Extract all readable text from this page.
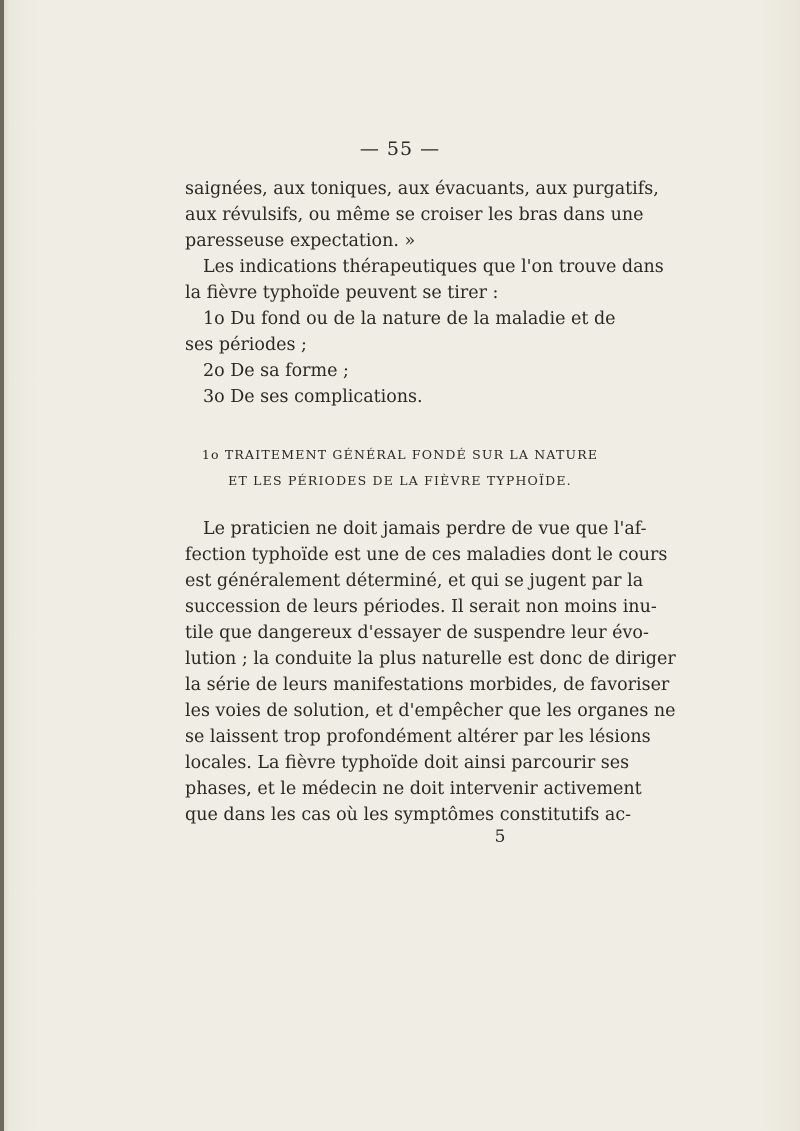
— 55 —
saignées, aux toniques, aux évacuants, aux purgatifs,
aux révulsifs, ou même se croiser les bras dans une
paresseuse expectation. »
Les indications thérapeutiques que l'on trouve dans
la fièvre typhoïde peuvent se tirer :
1o Du fond ou de la nature de la maladie et de
ses périodes ;
2o De sa forme ;
3o De ses complications.
1o TRAITEMENT GÉNÉRAL FONDÉ SUR LA NATURE
ET LES PÉRIODES DE LA FIÈVRE TYPHOÏDE.
Le praticien ne doit jamais perdre de vue que l'af-
fection typhoïde est une de ces maladies dont le cours
est généralement déterminé, et qui se jugent par la
succession de leurs périodes. Il serait non moins inu-
tile que dangereux d'essayer de suspendre leur évo-
lution ; la conduite la plus naturelle est donc de diriger
la série de leurs manifestations morbides, de favoriser
les voies de solution, et d'empêcher que les organes ne
se laissent trop profondément altérer par les lésions
locales. La fièvre typhoïde doit ainsi parcourir ses
phases, et le médecin ne doit intervenir activement
que dans les cas où les symptômes constitutifs ac-
5
